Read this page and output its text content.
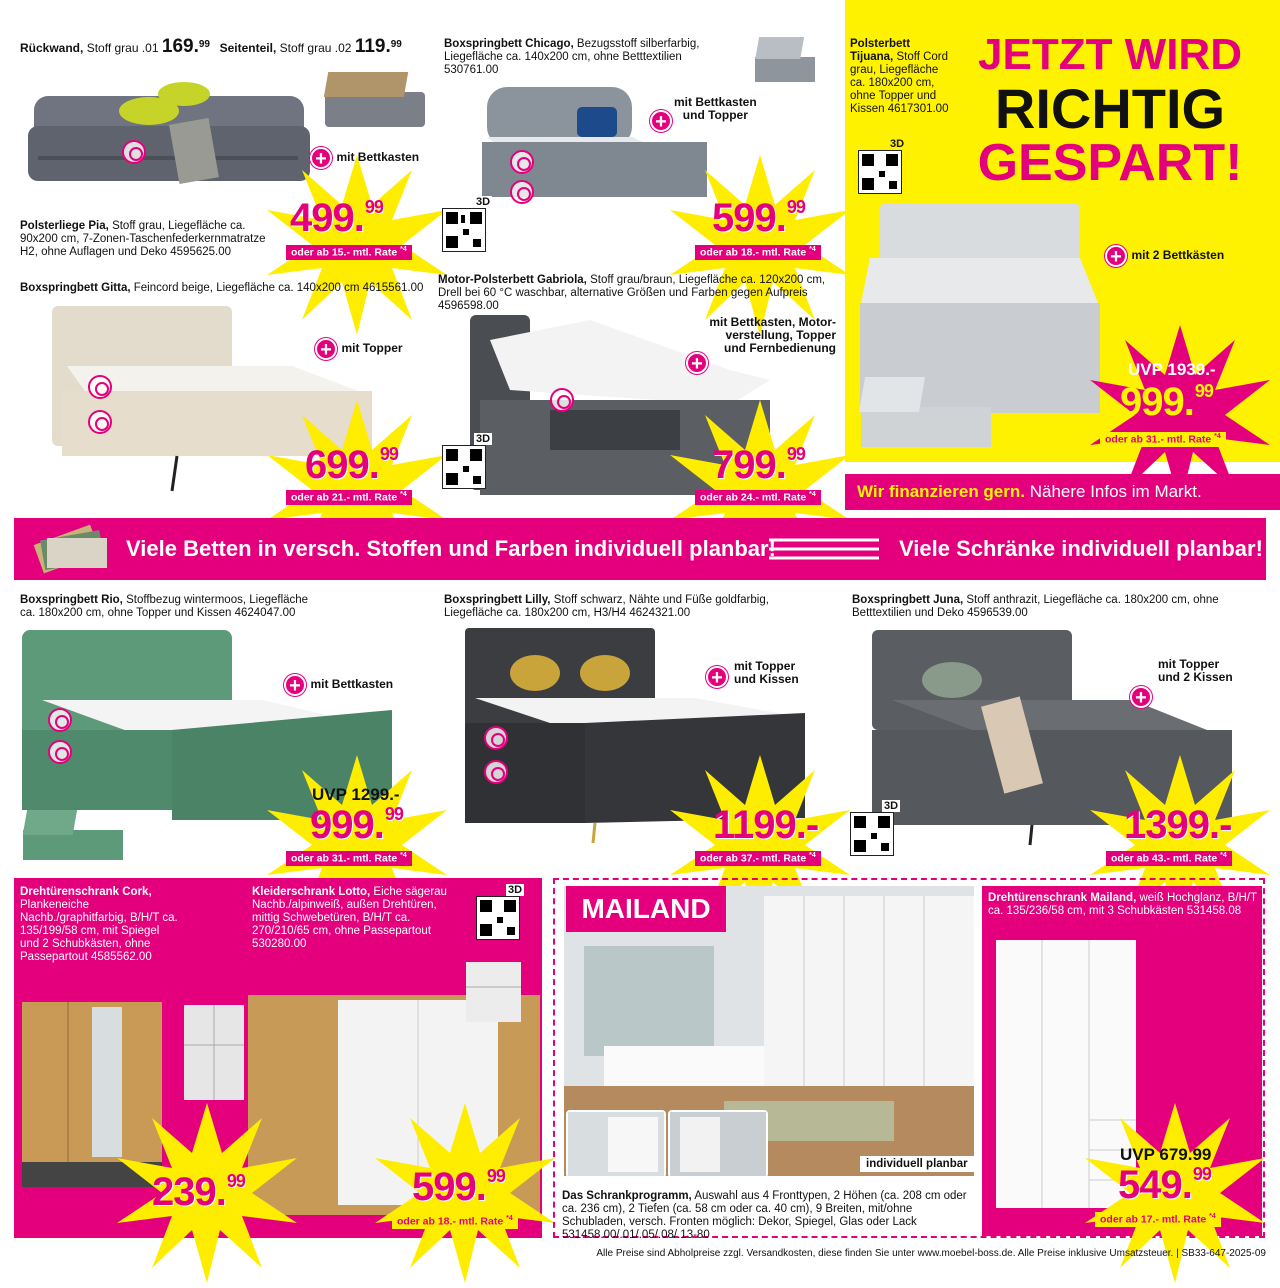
Rückwand, Stoff grau .01 169.99 Seitenteil, Stoff grau .02 119.99
+ $^{mit Bettkasten}$
499.99
oder ab 15.- mtl. Rate $^{*4}$
Polsterliege Pia, Stoff grau, Liegefläche ca. 90x200 cm, 7-Zonen-Taschenfederkernmatratze H2, ohne Auflagen und Deko 4595625.00
Boxspringbett Chicago, Bezugsstoff silberfarbig, Liegefläche ca. 140x200 cm, ohne Betttextilien 530761.00
+
mit Bettkasten
und Topper
3D	599.99
oder ab 18.- mtl. Rate $^{*4}$
Polsterbett Tijuana, Stoff Cord grau, Liegefläche ca. 180x200 cm, ohne Topper und Kissen 4617301.00
3D
JETZT WIRD
RICHTIG
GESPART!
+ $^{mit 2 Bettkästen}$
UVP 1939.-
999.99
oder ab 31.- mtl. Rate $^{*4}$
Wir finanzieren gern. Nähere Infos im Markt.
Boxspringbett Gitta, Feincord beige, Liegefläche ca. 140x200 cm 4615561.00
+ $^{mit Topper}$
699.99
oder ab 21.- mtl. Rate $^{*4}$
Motor-Polsterbett Gabriola, Stoff grau/braun, Liegefläche ca. 120x200 cm, Drell bei 60 °C waschbar, alternative Größen und Farben gegen Aufpreis 4596598.00
mit Bettkasten, Motor-
verstellung, Topper
und Fernbedienung
+
3D
799.99
oder ab 24.- mtl. Rate $^{*4}$
Viele Betten in versch. Stoffen und Farben individuell planbar!	Viele Schränke individuell planbar!
Boxspringbett Rio, Stoffbezug wintermoos, Liegefläche ca. 180x200 cm, ohne Topper und Kissen 4624047.00
+ $^{mit Bettkasten}$
UVP 1299.-
999.99
oder ab 31.- mtl. Rate $^{*4}$
Boxspringbett Lilly, Stoff schwarz, Nähte und Füße goldfarbig, Liegefläche ca. 180x200 cm, H3/H4 4624321.00
+
mit Topper
und Kissen
1199.-
oder ab 37.- mtl. Rate $^{*4}$
Boxspringbett Juna, Stoff anthrazit, Liegefläche ca. 180x200 cm, ohne Betttextilien und Deko 4596539.00
mit Topper
und 2 Kissen
+
3D	1399.-
oder ab 43.- mtl. Rate $^{*4}$
Drehtürenschrank Cork, Plankeneiche Nachb./graphitfarbig, B/H/T ca. 135/199/58 cm, mit Spiegel und 2 Schubkästen, ohne Passepartout 4585562.00
Kleiderschrank Lotto, Eiche sägerau Nachb./alpinweiß, außen Drehtüren, mittig Schwebetüren, B/H/T ca. 270/210/65 cm, ohne Passepartout 530280.00
3D
239.99	599.99
oder ab 18.- mtl. Rate $^{*4}$
MAILAND
individuell planbar
Das Schrankprogramm, Auswahl aus 4 Fronttypen, 2 Höhen (ca. 208 cm oder ca. 236 cm), 2 Tiefen (ca. 58 cm oder ca. 40 cm), 9 Breiten, mit/ohne Schubladen, versch. Fronten möglich: Dekor, Spiegel, Glas oder Lack 531458.00/.01/.05/.08/.13-80
Drehtürenschrank Mailand, weiß Hochglanz, B/H/T ca. 135/236/58 cm, mit 3 Schubkästen 531458.08
UVP 679.99
549.99
oder ab 17.- mtl. Rate $^{*4}$
Alle Preise sind Abholpreise zzgl. Versandkosten, diese finden Sie unter www.moebel-boss.de. Alle Preise inklusive Umsatzsteuer. | SB33-647-2025-09
